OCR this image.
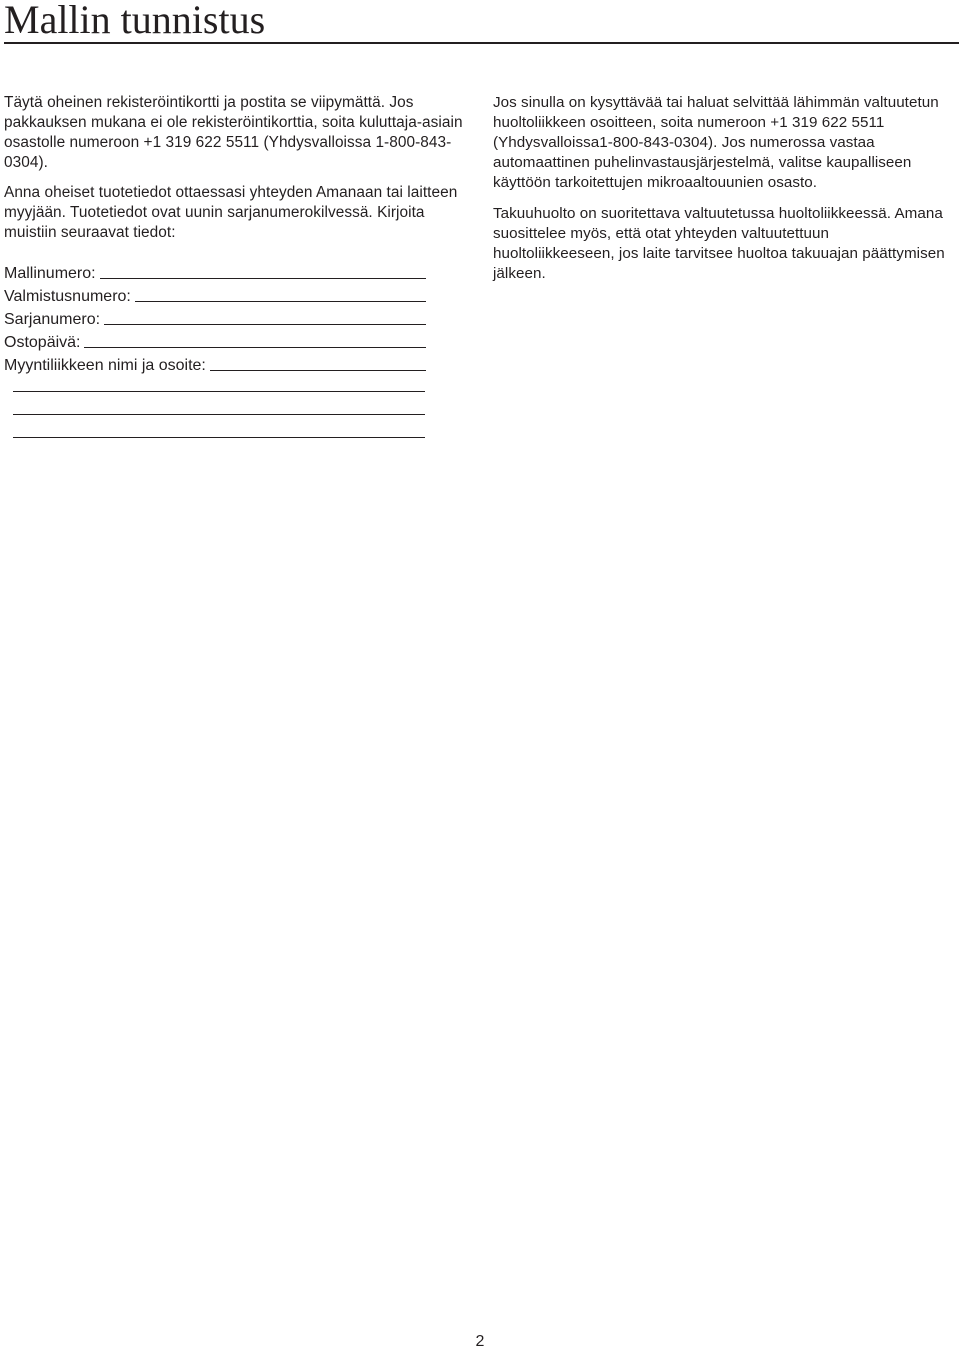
Mallin tunnistus

Täytä oheinen rekisteröintikortti ja postita se viipymättä. Jos pakkauksen mukana ei ole rekisteröintikorttia, soita kuluttaja-asiain osastolle numeroon +1 319 622 5511 (Yhdysvalloissa 1-800-843-0304).

Anna oheiset tuotetiedot ottaessasi yhteyden Amanaan tai laitteen myyjään. Tuotetiedot ovat uunin sarjanumerokilvessä. Kirjoita muistiin seuraavat tiedot:

Mallinumero:
Valmistusnumero:
Sarjanumero:
Ostopäivä:
Myyntiliikkeen nimi ja osoite:

Jos sinulla on kysyttävää tai haluat selvittää lähimmän valtuutetun huoltoliikkeen osoitteen, soita numeroon +1 319 622 5511 (Yhdysvalloissa1-800-843-0304). Jos numerossa vastaa automaattinen puhelinvastausjärjestelmä, valitse kaupalliseen käyttöön tarkoitettujen mikroaaltouunien osasto.

Takuuhuolto on suoritettava valtuutetussa huoltoliikkeessä. Amana suosittelee myös, että otat yhteyden valtuutettuun huoltoliikkeeseen, jos laite tarvitsee huoltoa takuuajan päättymisen jälkeen.

2
